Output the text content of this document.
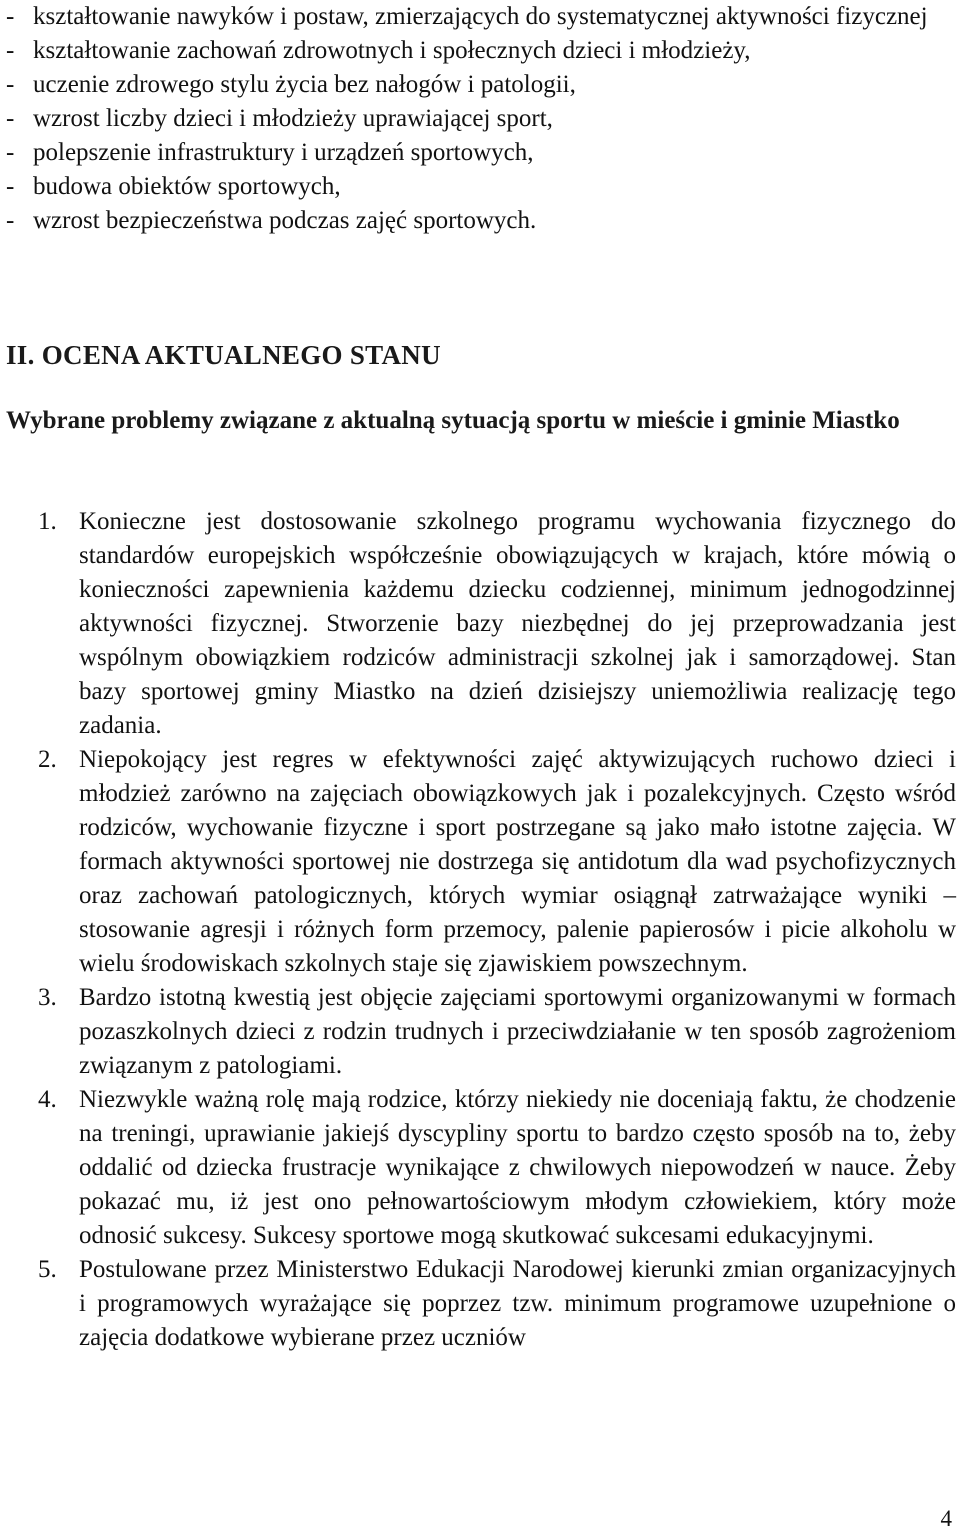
- kształtowanie nawyków i postaw, zmierzających do systematycznej aktywności fizycznej
- kształtowanie zachowań zdrowotnych i społecznych dzieci i młodzieży,
- uczenie zdrowego stylu życia bez nałogów i patologii,
- wzrost liczby dzieci i młodzieży uprawiającej sport,
- polepszenie infrastruktury i urządzeń sportowych,
- budowa obiektów sportowych,
- wzrost bezpieczeństwa podczas zajęć sportowych.
II. OCENA AKTUALNEGO STANU
Wybrane problemy związane z aktualną sytuacją sportu w mieście i gminie Miastko
1. Konieczne jest dostosowanie szkolnego programu wychowania fizycznego do standardów europejskich współcześnie obowiązujących w krajach, które mówią o konieczności zapewnienia każdemu dziecku codziennej, minimum jednogodzinnej aktywności fizycznej. Stworzenie bazy niezbędnej do jej przeprowadzania jest wspólnym obowiązkiem rodziców administracji szkolnej jak i samorządowej. Stan bazy sportowej gminy Miastko na dzień dzisiejszy uniemożliwia realizację tego zadania.
2. Niepokojący jest regres w efektywności zajęć aktywizujących ruchowo dzieci i młodzież zarówno na zajęciach obowiązkowych jak i pozalekcyjnych. Często wśród rodziców, wychowanie fizyczne i sport postrzegane są jako mało istotne zajęcia. W formach aktywności sportowej nie dostrzega się antidotum dla wad psychofizycznych oraz zachowań patologicznych, których wymiar osiągnął zatrważające wyniki – stosowanie agresji i różnych form przemocy, palenie papierosów i picie alkoholu w wielu środowiskach szkolnych staje się zjawiskiem powszechnym.
3. Bardzo istotną kwestią jest objęcie zajęciami sportowymi organizowanymi w formach pozaszkolnych dzieci z rodzin trudnych i przeciwdziałanie w ten sposób zagrożeniom związanym z patologiami.
4. Niezwykle ważną rolę mają rodzice, którzy niekiedy nie doceniają faktu, że chodzenie na treningi, uprawianie jakiejś dyscypliny sportu to bardzo często sposób na to, żeby oddalić od dziecka frustracje wynikające z chwilowych niepowodzeń w nauce. Żeby pokazać mu, iż jest ono pełnowartościowym młodym człowiekiem, który może odnosić sukcesy. Sukcesy sportowe mogą skutkować sukcesami edukacyjnymi.
5. Postulowane przez Ministerstwo Edukacji Narodowej kierunki zmian organizacyjnych i programowych wyrażające się poprzez tzw. minimum programowe uzupełnione o zajęcia dodatkowe wybierane przez uczniów
4
